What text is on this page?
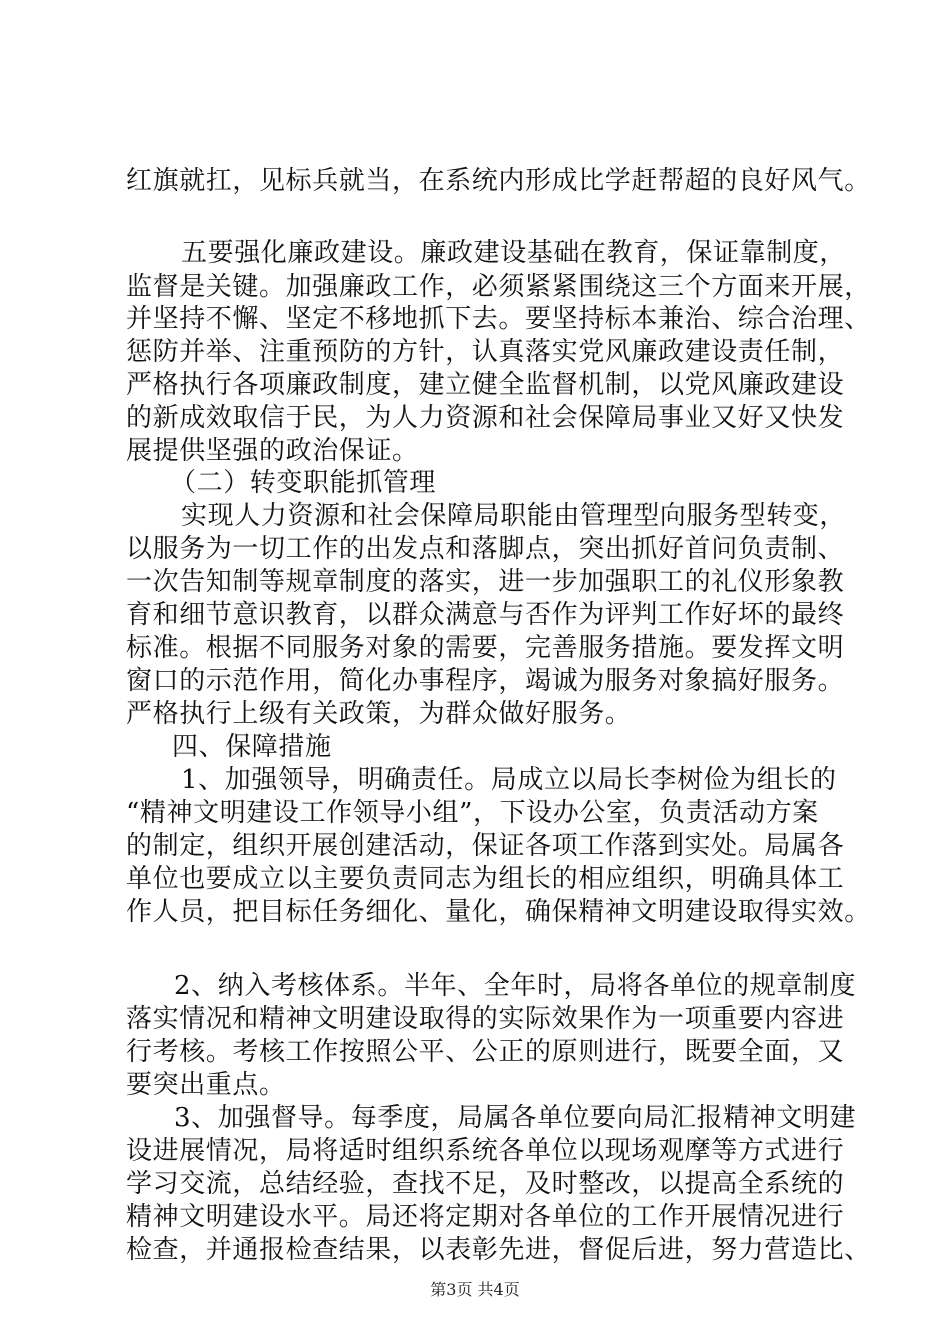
红旗就扛，见标兵就当，在系统内形成比学赶帮超的良好风气。
五要强化廉政建设。廉政建设基础在教育，保证靠制度，
监督是关键。加强廉政工作，必须紧紧围绕这三个方面来开展，
并坚持不懈、坚定不移地抓下去。要坚持标本兼治、综合治理、
惩防并举、注重预防的方针，认真落实党风廉政建设责任制，
严格执行各项廉政制度，建立健全监督机制，以党风廉政建设
的新成效取信于民，为人力资源和社会保障局事业又好又快发
展提供坚强的政治保证。
（二）转变职能抓管理
实现人力资源和社会保障局职能由管理型向服务型转变，
以服务为一切工作的出发点和落脚点，突出抓好首问负责制、
一次告知制等规章制度的落实，进一步加强职工的礼仪形象教
育和细节意识教育，以群众满意与否作为评判工作好坏的最终
标准。根据不同服务对象的需要，完善服务措施。要发挥文明
窗口的示范作用，简化办事程序，竭诚为服务对象搞好服务。
严格执行上级有关政策，为群众做好服务。
四、保障措施
1、加强领导，明确责任。局成立以局长李树俭为组长的
“精神文明建设工作领导小组”，下设办公室，负责活动方案
的制定，组织开展创建活动，保证各项工作落到实处。局属各
单位也要成立以主要负责同志为组长的相应组织，明确具体工
作人员，把目标任务细化、量化，确保精神文明建设取得实效。
2、纳入考核体系。半年、全年时，局将各单位的规章制度
落实情况和精神文明建设取得的实际效果作为一项重要内容进
行考核。考核工作按照公平、公正的原则进行，既要全面，又
要突出重点。
3、加强督导。每季度，局属各单位要向局汇报精神文明建
设进展情况，局将适时组织系统各单位以现场观摩等方式进行
学习交流，总结经验，查找不足，及时整改，以提高全系统的
精神文明建设水平。局还将定期对各单位的工作开展情况进行
检查，并通报检查结果，以表彰先进，督促后进，努力营造比、
第3页 共4页
